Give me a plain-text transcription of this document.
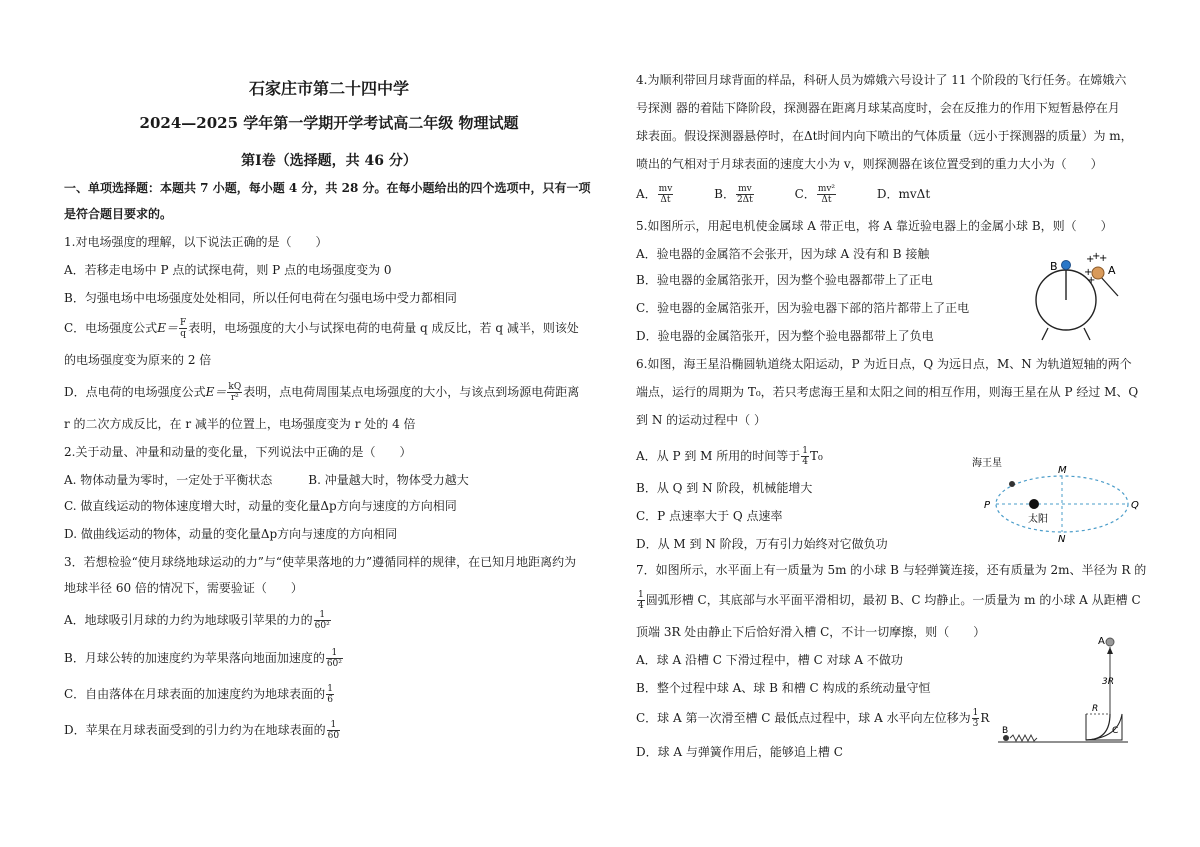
石家庄市第二十四中学
2024—2025 学年第一学期开学考试高二年级 物理试题
第Ⅰ卷（选择题，共 46 分）
一、单项选择题：本题共 7 小题，每小题 4 分，共 28 分。在每小题给出的四个选项中，只有一项
是符合题目要求的。
1.对电场强度的理解，以下说法正确的是（　　）
A．若移走电场中 P 点的试探电荷，则 P 点的电场强度变为 0
B．匀强电场中电场强度处处相同，所以任何电荷在匀强电场中受力都相同
C．电场强度公式$E= \frac{F}{q}$ 表明，电场强度的大小与试探电荷的电荷量 q 成反比，若 q 减半，则该处
的电场强度变为原来的 2 倍
D．点电荷的电场强度公式$E= \frac{kQ}{\text{r²}}$ 表明，点电荷周围某点电场强度的大小，与该点到场源电荷距离
r 的二次方成反比，在 r 减半的位置上，电场强度变为 r 处的 4 倍
2.关于动量、冲量和动量的变化量，下列说法中正确的是（　　）
A. 物体动量为零时，一定处于平衡状态	B. 冲量越大时，物体受力越大
C. 做直线运动的物体速度增大时，动量的变化量Δp方向与速度的方向相同
D. 做曲线运动的物体，动量的变化量Δp方向与速度的方向相同
3．若想检验“使月球绕地球运动的力”与“使苹果落地的力”遵循同样的规律，在已知月地距离约为
地球半径 60 倍的情况下，需要验证（　　）
A．地球吸引月球的力约为地球吸引苹果的力的 $\frac{1}{\text{60²}}$
B．月球公转的加速度约为苹果落向地面加速度的 $\frac{1}{\text{60²}}$
C．自由落体在月球表面的加速度约为地球表面的 $\frac{1}{6}$
D．苹果在月球表面受到的引力约为在地球表面的 $\frac{1}{60}$
4.为顺利带回月球背面的样品，科研人员为嫦娥六号设计了 11 个阶段的飞行任务。在嫦娥六
号探测 器的着陆下降阶段，探测器在距离月球某高度时，会在反推力的作用下短暂悬停在月
球表面。假设探测器悬停时，在Δt时间内向下喷出的气体质量（远小于探测器的质量）为 m，
喷出的气相对于月球表面的速度大小为 v，则探测器在该位置受到的重力大小为（　　）
A． $\frac{mv}{\Delta t}$	B． $\frac{mv}{2\Delta t}$	C． $\frac{\text{mv²}}{\Delta t}$	D．mvΔt
5.如图所示，用起电机使金属球 A 带正电，将 A 靠近验电器上的金属小球 B，则（　　）
A．验电器的金属箔不会张开，因为球 A 没有和 B 接触
B．验电器的金属箔张开，因为整个验电器都带上了正电
C．验电器的金属箔张开，因为验电器下部的箔片都带上了正电
D．验电器的金属箔张开，因为整个验电器都带上了负电
B	A
+
+
+
+
+
6.如图，海王星沿椭圆轨道绕太阳运动，P 为近日点，Q 为远日点，M、N 为轨道短轴的两个
端点，运行的周期为 T₀，若只考虑海王星和太阳之间的相互作用，则海王星在从 P 经过 M、Q
到 N 的运动过程中（ ）
A．从 P 到 M 所用的时间等于 $\frac{1}{4} T_0$
B．从 Q 到 N 阶段，机械能增大
C．P 点速率大于 Q 点速率
D．从 M 到 N 阶段，万有引力始终对它做负功
海王星
太阳
M
N
P	Q
7．如图所示，水平面上有一质量为 5m 的小球 B 与轻弹簧连接，还有质量为 2m、半径为 R 的
$\frac{1}{4}$ 圆弧形槽 C，其底部与水平面平滑相切，最初 B、C 均静止。一质量为 m 的小球 A 从距槽 C
顶端 3R 处由静止下后恰好滑入槽 C，不计一切摩擦，则（　　）
A．球 A 沿槽 C 下滑过程中，槽 C 对球 A 不做功
B．整个过程中球 A、球 B 和槽 C 构成的系统动量守恒
C．球 A 第一次滑至槽 C 最低点过程中，球 A 水平向左位移为 $\frac{1}{3}$ R
D．球 A 与弹簧作用后，能够追上槽 C
A
3R
R
C
B
